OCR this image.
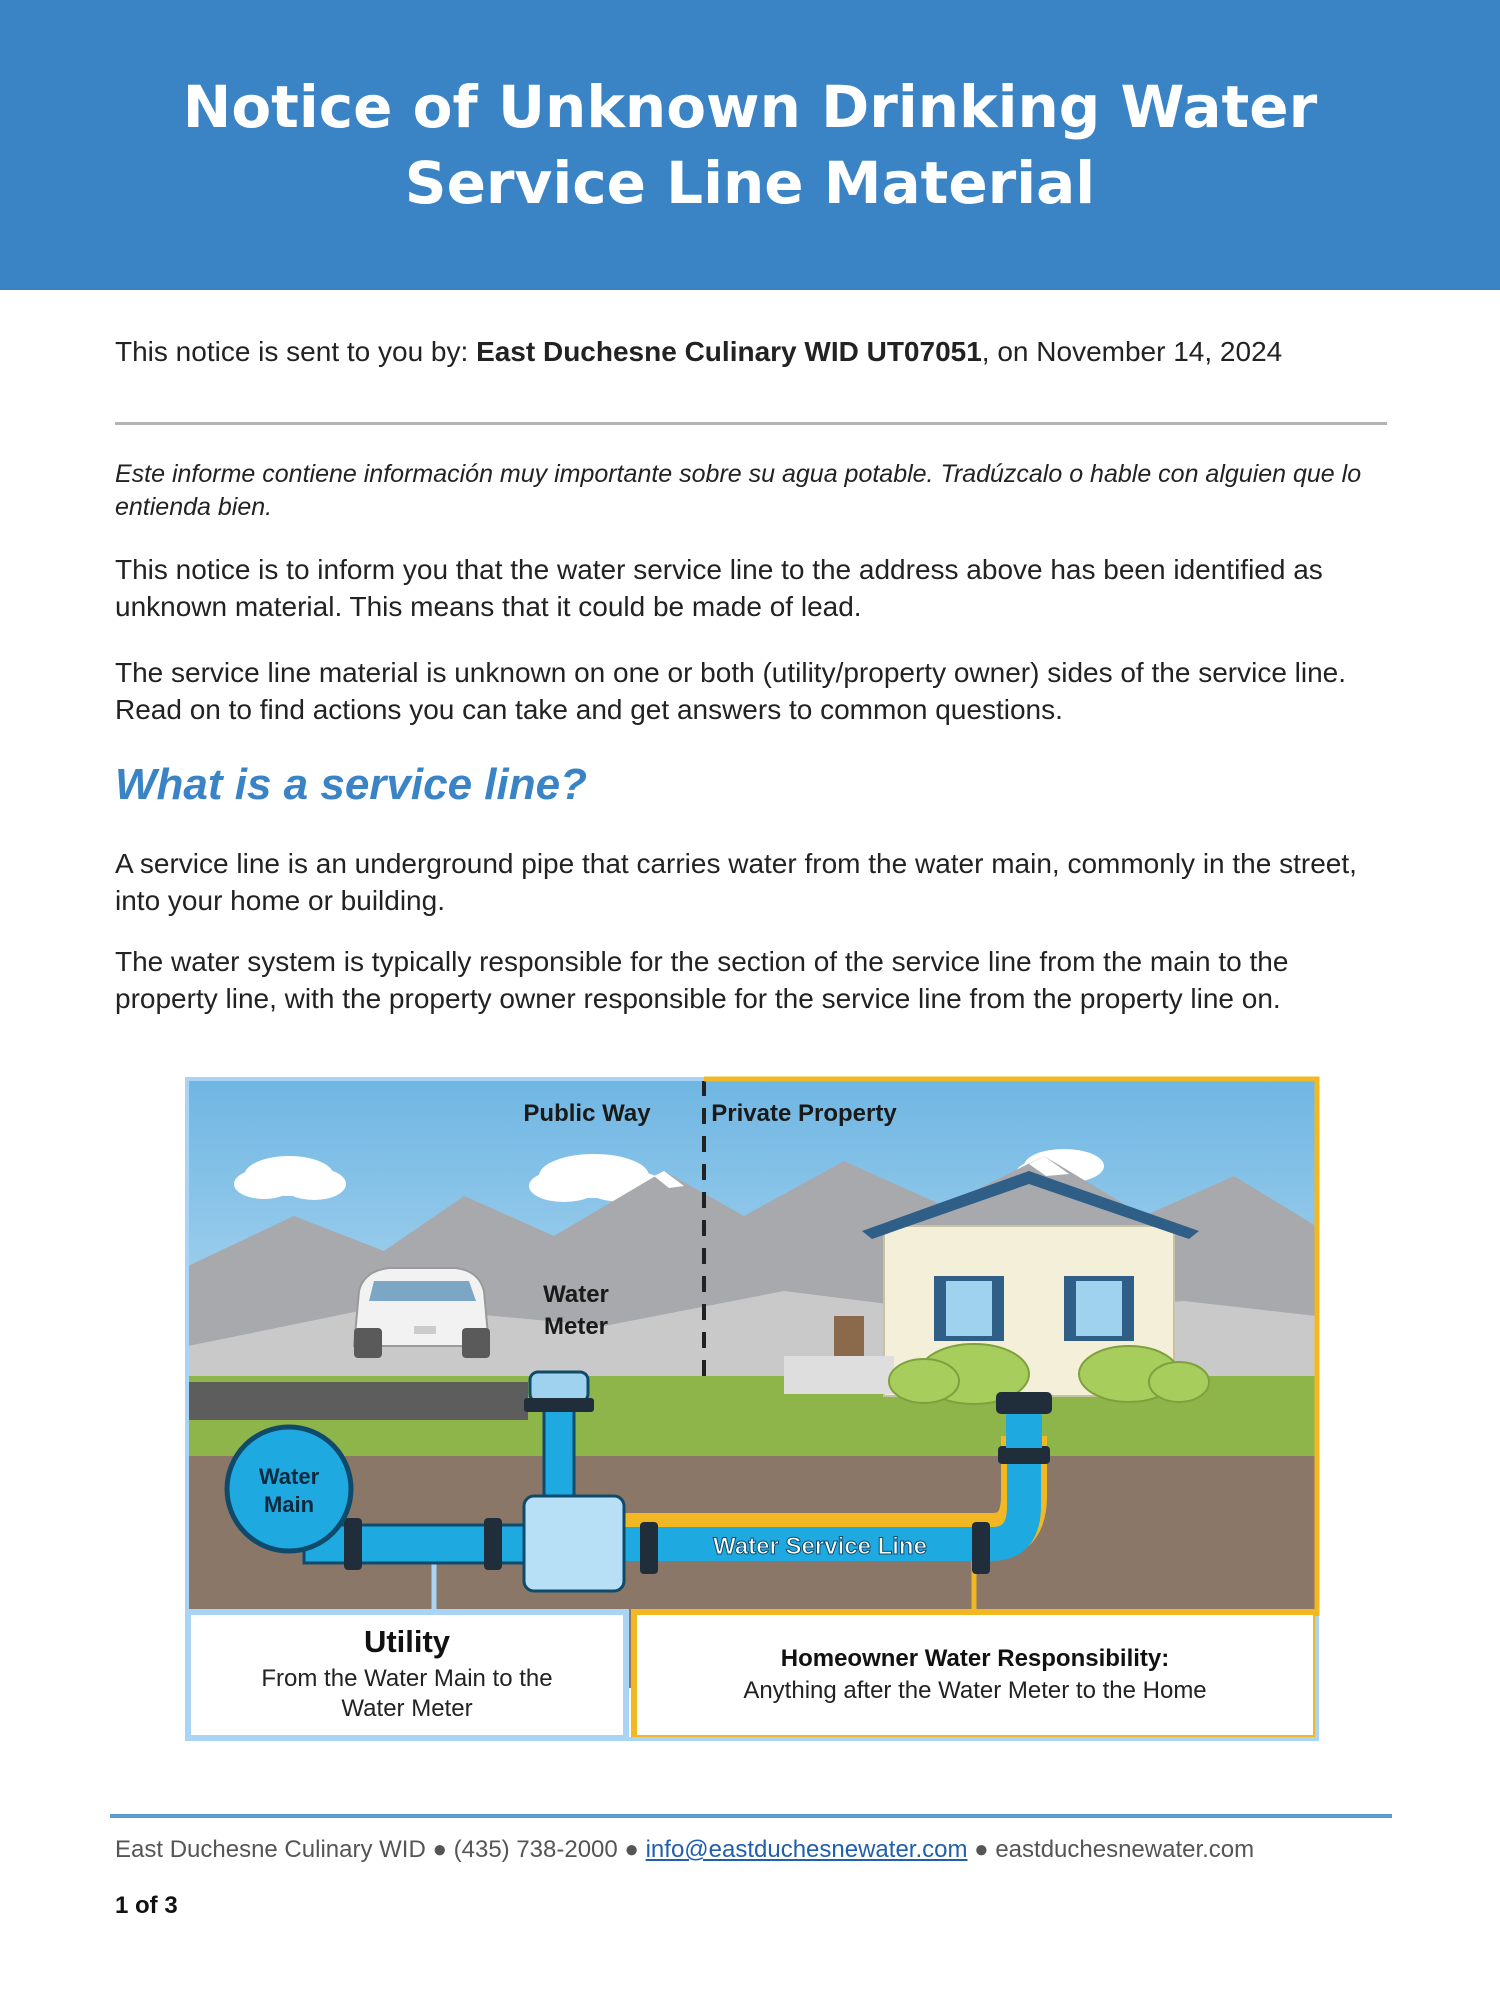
Notice of Unknown Drinking Water
Service Line Material
This notice is sent to you by: East Duchesne Culinary WID UT07051, on November 14, 2024
Este informe contiene información muy importante sobre su agua potable. Tradúzcalo o hable con alguien que lo entienda bien.
This notice is to inform you that the water service line to the address above has been identified as unknown material. This means that it could be made of lead.
The service line material is unknown on one or both (utility/property owner) sides of the service line. Read on to find actions you can take and get answers to common questions.
What is a service line?
A service line is an underground pipe that carries water from the water main, commonly in the street, into your home or building.
The water system is typically responsible for the section of the service line from the main to the property line, with the property owner responsible for the service line from the property line on.
Public Way	Private Property
Water
Meter
Water
Main
Water Service Line
Utility
From the Water Main to the
Water Meter
Homeowner Water Responsibility:
Anything after the Water Meter to the Home
East Duchesne Culinary WID ● (435) 738-2000 ● info@eastduchesnewater.com ● eastduchesnewater.com
1 of 3
